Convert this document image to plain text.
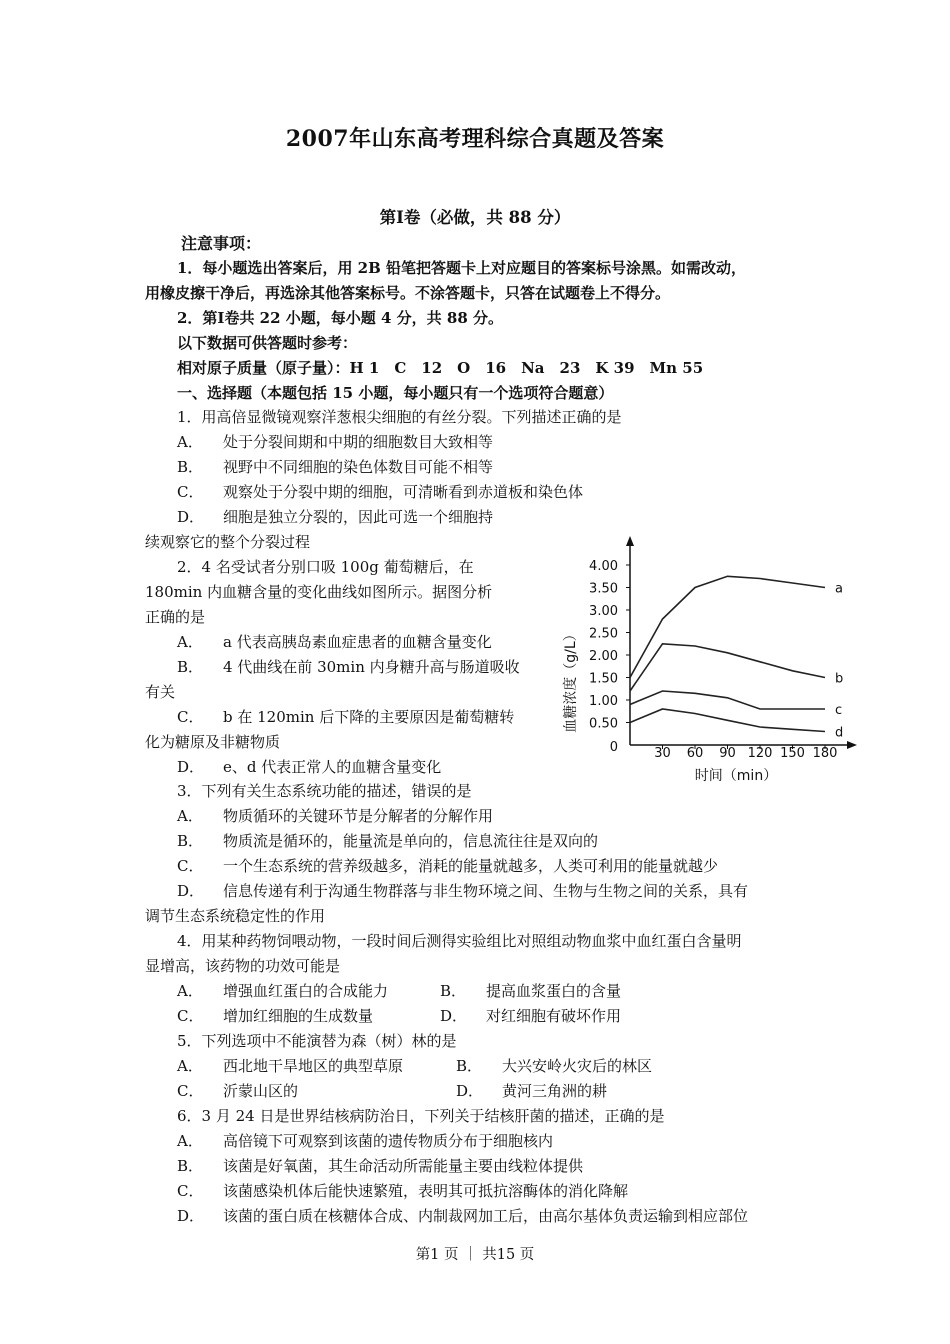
2007年山东高考理科综合真题及答案
第I卷（必做，共 88 分）
注意事项：
1．每小题选出答案后，用 2B 铅笔把答题卡上对应题目的答案标号涂黑。如需改动，
用橡皮擦干净后，再选涂其他答案标号。不涂答题卡，只答在试题卷上不得分。
2．第I卷共 22 小题，每小题 4 分，共 88 分。
以下数据可供答题时参考：
相对原子质量（原子量）：H 1　C　12　O　16　Na　23　K 39　Mn 55
一、选择题（本题包括 15 小题，每小题只有一个选项符合题意）
1．用高倍显微镜观察洋葱根尖细胞的有丝分裂。下列描述正确的是
A． 处于分裂间期和中期的细胞数目大致相等
B． 视野中不同细胞的染色体数目可能不相等
C． 观察处于分裂中期的细胞，可清晰看到赤道板和染色体
D． 细胞是独立分裂的，因此可选一个细胞持
续观察它的整个分裂过程
2．4 名受试者分别口吸 100g 葡萄糖后，在
180min 内血糖含量的变化曲线如图所示。据图分析
正确的是
A． a 代表高胰岛素血症患者的血糖含量变化
B． 4 代曲线在前 30min 内身糖升高与肠道吸收
有关
C． b 在 120min 后下降的主要原因是葡萄糖转
化为糖原及非糖物质
D． e、d 代表正常人的血糖含量变化
0
0.50
1.00
1.50
2.00
2.50
3.00
3.50
4.00
30 60 90 120 150 180
a
b
c
d
血糖浓度（g/L）
时间（min）
3．下列有关生态系统功能的描述，错误的是
A． 物质循环的关键环节是分解者的分解作用
B． 物质流是循环的，能量流是单向的，信息流往往是双向的
C． 一个生态系统的营养级越多，消耗的能量就越多，人类可利用的能量就越少
D． 信息传递有利于沟通生物群落与非生物环境之间、生物与生物之间的关系，具有
调节生态系统稳定性的作用
4．用某种药物饲喂动物，一段时间后测得实验组比对照组动物血浆中血红蛋白含量明
显增高，该药物的功效可能是
A． 增强血红蛋白的合成能力	B． 提高血浆蛋白的含量
C． 增加红细胞的生成数量	D． 对红细胞有破坏作用
5．下列选项中不能演替为森（树）林的是
A． 西北地干旱地区的典型草原	B． 大兴安岭火灾后的林区
C． 沂蒙山区的	D． 黄河三角洲的耕
6．3 月 24 日是世界结核病防治日，下列关于结核肝菌的描述，正确的是
A． 高倍镜下可观察到该菌的遗传物质分布于细胞核内
B． 该菌是好氧菌，其生命活动所需能量主要由线粒体提供
C． 该菌感染机体后能快速繁殖，表明其可抵抗溶酶体的消化降解
D． 该菌的蛋白质在核糖体合成、内制裁网加工后，由高尔基体负责运输到相应部位
第1 页 ｜ 共15 页
